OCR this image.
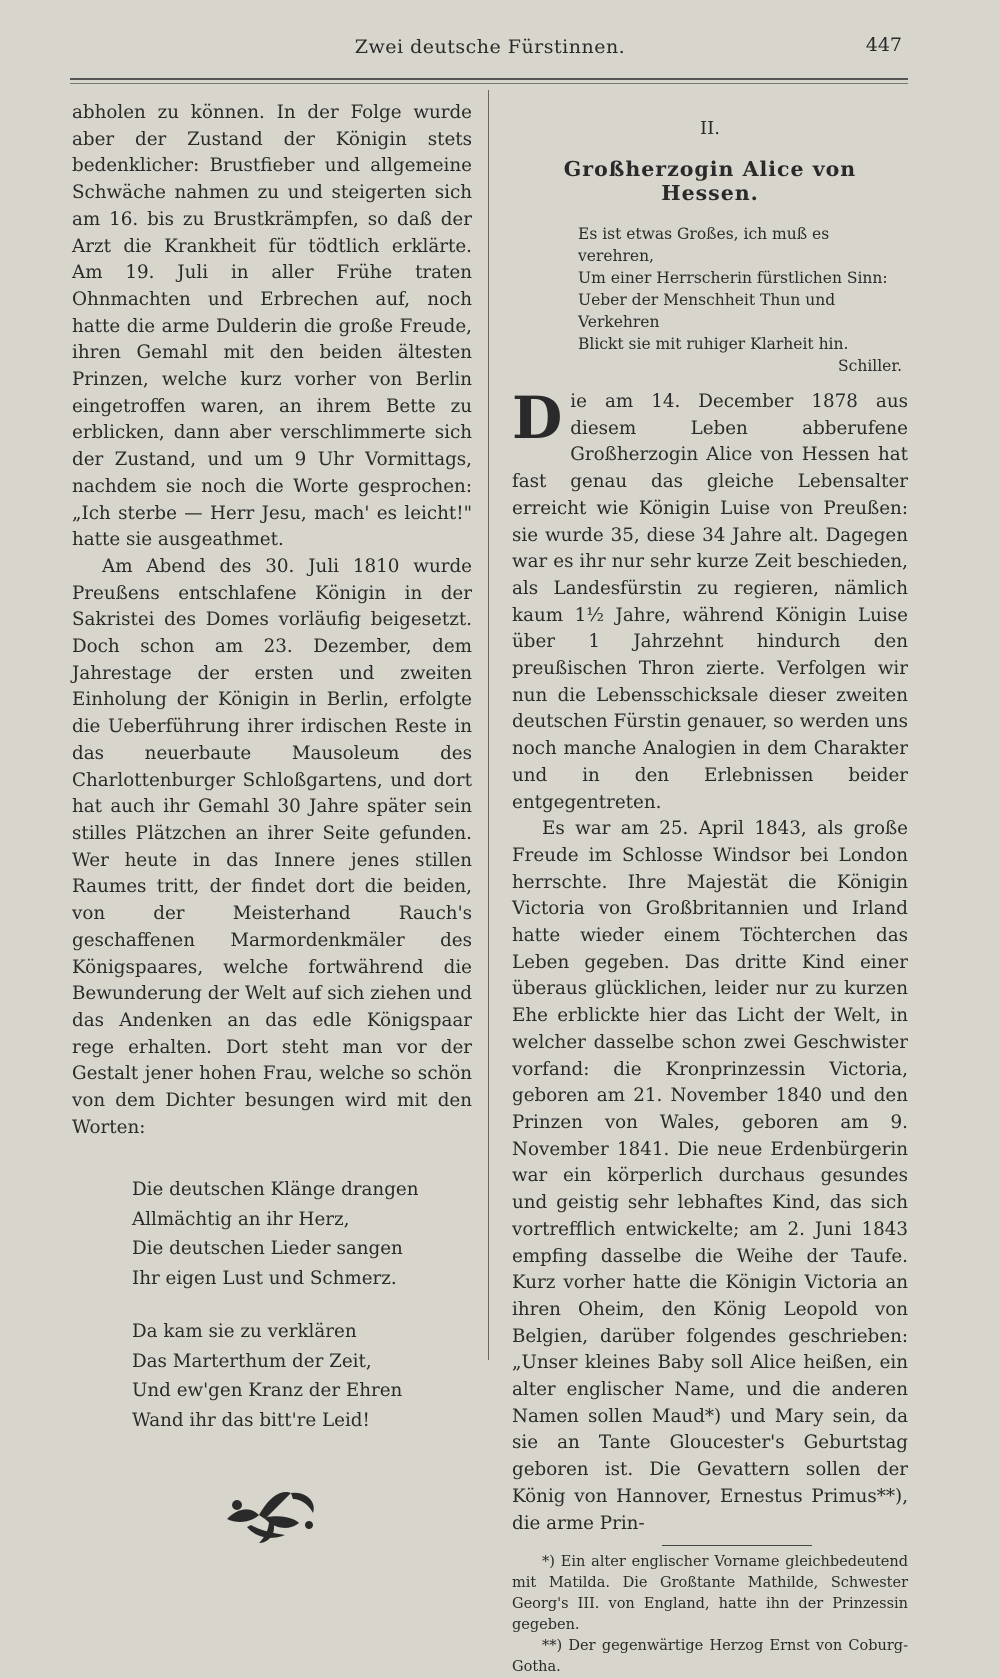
Zwei deutsche Fürstinnen.	447

abholen zu können. In der Folge wurde aber der Zustand der Königin stets bedenklicher: Brustfieber und allgemeine Schwäche nahmen zu und steigerten sich am 16. bis zu Brustkrämpfen, so daß der Arzt die Krankheit für tödtlich erklärte. Am 19. Juli in aller Frühe traten Ohnmachten und Erbrechen auf, noch hatte die arme Dulderin die große Freude, ihren Gemahl mit den beiden ältesten Prinzen, welche kurz vorher von Berlin eingetroffen waren, an ihrem Bette zu erblicken, dann aber verschlimmerte sich der Zustand, und um 9 Uhr Vormittags, nachdem sie noch die Worte gesprochen: „Ich sterbe — Herr Jesu, mach' es leicht!" hatte sie ausgeathmet.

Am Abend des 30. Juli 1810 wurde Preußens entschlafene Königin in der Sakristei des Domes vorläufig beigesetzt. Doch schon am 23. Dezember, dem Jahrestage der ersten und zweiten Einholung der Königin in Berlin, erfolgte die Ueberführung ihrer irdischen Reste in das neuerbaute Mausoleum des Charlottenburger Schloßgartens, und dort hat auch ihr Gemahl 30 Jahre später sein stilles Plätzchen an ihrer Seite gefunden. Wer heute in das Innere jenes stillen Raumes tritt, der findet dort die beiden, von der Meisterhand Rauch's geschaffenen Marmordenkmäler des Königspaares, welche fortwährend die Bewunderung der Welt auf sich ziehen und das Andenken an das edle Königspaar rege erhalten. Dort steht man vor der Gestalt jener hohen Frau, welche so schön von dem Dichter besungen wird mit den Worten:

Die deutschen Klänge drangen
Allmächtig an ihr Herz,
Die deutschen Lieder sangen
Ihr eigen Lust und Schmerz.
Da kam sie zu verklären
Das Marterthum der Zeit,
Und ew'gen Kranz der Ehren
Wand ihr das bitt're Leid!
II.
Großherzogin Alice von Hessen.
Es ist etwas Großes, ich muß es verehren,
Um einer Herrscherin fürstlichen Sinn:
Ueber der Menschheit Thun und Verkehren
Blickt sie mit ruhiger Klarheit hin.
Schiller.

Die am 14. December 1878 aus diesem Leben abberufene Großherzogin Alice von Hessen hat fast genau das gleiche Lebensalter erreicht wie Königin Luise von Preußen: sie wurde 35, diese 34 Jahre alt. Dagegen war es ihr nur sehr kurze Zeit beschieden, als Landesfürstin zu regieren, nämlich kaum 1½ Jahre, während Königin Luise über 1 Jahrzehnt hindurch den preußischen Thron zierte. Verfolgen wir nun die Lebensschicksale dieser zweiten deutschen Fürstin genauer, so werden uns noch manche Analogien in dem Charakter und in den Erlebnissen beider entgegentreten.

Es war am 25. April 1843, als große Freude im Schlosse Windsor bei London herrschte. Ihre Majestät die Königin Victoria von Großbritannien und Irland hatte wieder einem Töchterchen das Leben gegeben. Das dritte Kind einer überaus glücklichen, leider nur zu kurzen Ehe erblickte hier das Licht der Welt, in welcher dasselbe schon zwei Geschwister vorfand: die Kronprinzessin Victoria, geboren am 21. November 1840 und den Prinzen von Wales, geboren am 9. November 1841. Die neue Erdenbürgerin war ein körperlich durchaus gesundes und geistig sehr lebhaftes Kind, das sich vortrefflich entwickelte; am 2. Juni 1843 empfing dasselbe die Weihe der Taufe. Kurz vorher hatte die Königin Victoria an ihren Oheim, den König Leopold von Belgien, darüber folgendes geschrieben: „Unser kleines Baby soll Alice heißen, ein alter englischer Name, und die anderen Namen sollen Maud*) und Mary sein, da sie an Tante Gloucester's Geburtstag geboren ist. Die Gevattern sollen der König von Hannover, Ernestus Primus**), die arme Prin-

*) Ein alter englischer Vorname gleichbedeutend mit Matilda. Die Großtante Mathilde, Schwester Georg's III. von England, hatte ihn der Prinzessin gegeben.
**) Der gegenwärtige Herzog Ernst von Coburg-Gotha.
